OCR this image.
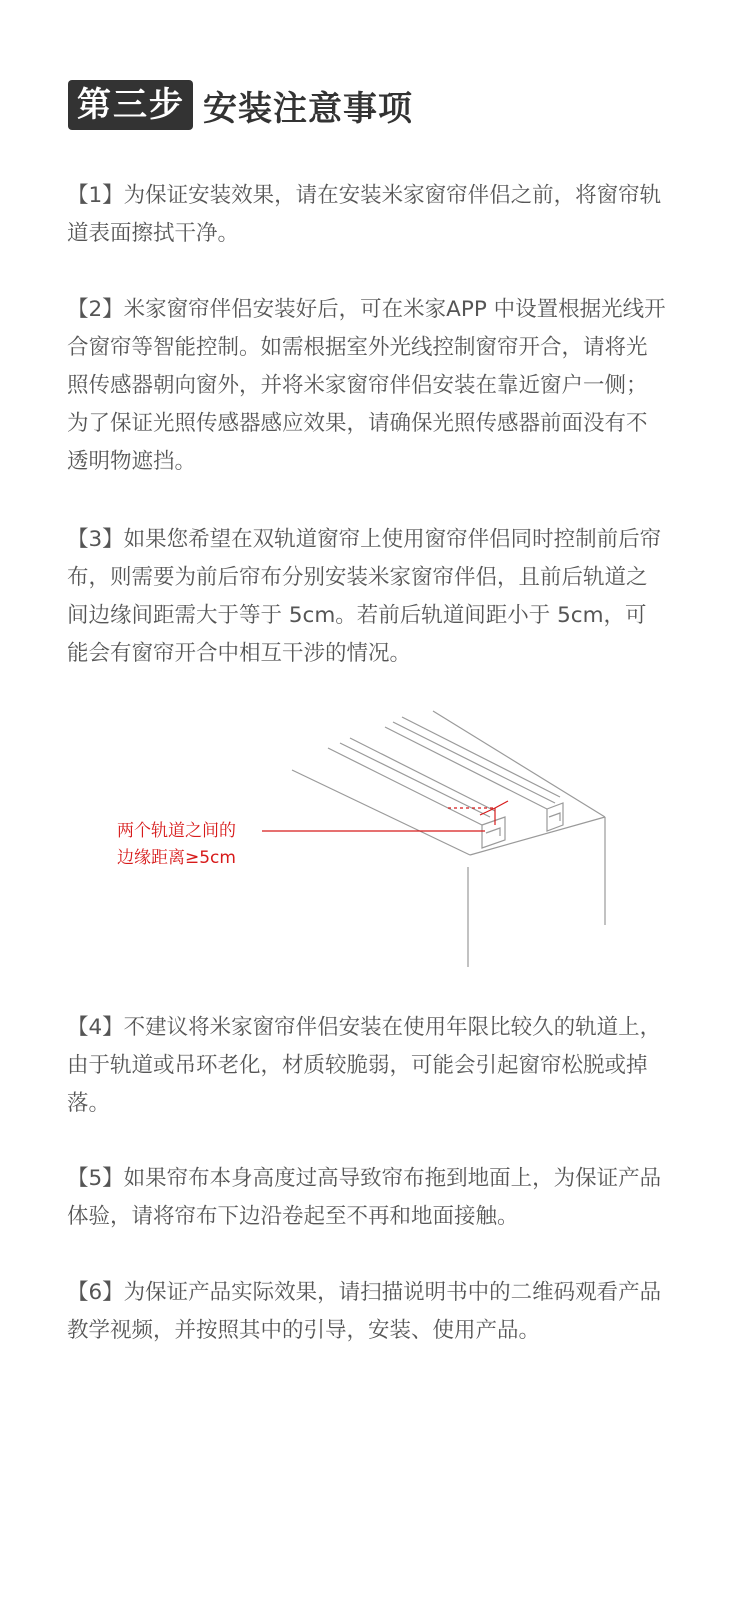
第三步 安装注意事项

【1】为保证安装效果，请在安装米家窗帘伴侣之前，将窗帘轨道表面擦拭干净。

【2】米家窗帘伴侣安装好后，可在米家APP 中设置根据光线开合窗帘等智能控制。如需根据室外光线控制窗帘开合，请将光照传感器朝向窗外，并将米家窗帘伴侣安装在靠近窗户一侧；为了保证光照传感器感应效果，请确保光照传感器前面没有不透明物遮挡。

【3】如果您希望在双轨道窗帘上使用窗帘伴侣同时控制前后帘布，则需要为前后帘布分别安装米家窗帘伴侣，且前后轨道之间边缘间距需大于等于 5cm。若前后轨道间距小于 5cm，可能会有窗帘开合中相互干涉的情况。

两个轨道之间的
边缘距离≥5cm

【4】不建议将米家窗帘伴侣安装在使用年限比较久的轨道上，由于轨道或吊环老化，材质较脆弱，可能会引起窗帘松脱或掉落。

【5】如果帘布本身高度过高导致帘布拖到地面上，为保证产品体验，请将帘布下边沿卷起至不再和地面接触。

【6】为保证产品实际效果，请扫描说明书中的二维码观看产品教学视频，并按照其中的引导，安装、使用产品。
